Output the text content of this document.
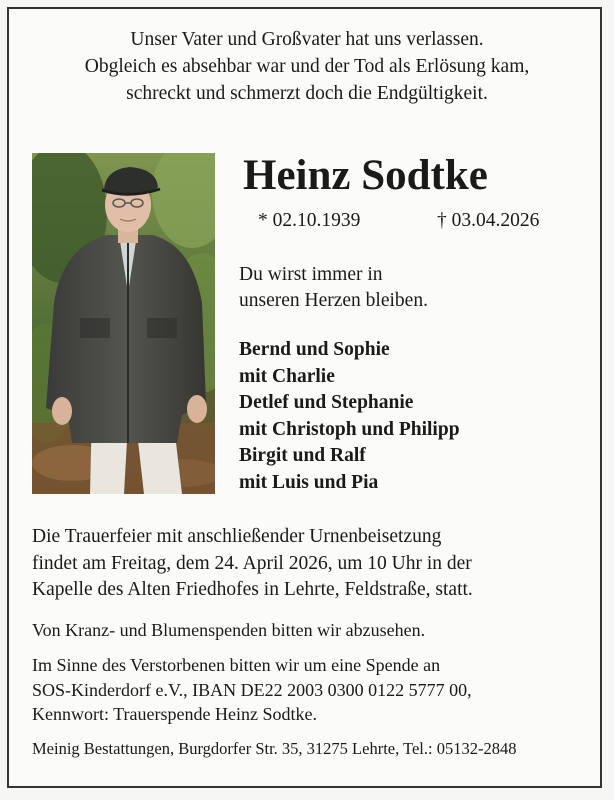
Unser Vater und Großvater hat uns verlassen.
Obgleich es absehbar war und der Tod als Erlösung kam,
schreckt und schmerzt doch die Endgültigkeit.
Heinz Sodtke
* 02.10.1939	† 03.04.2026
Du wirst immer in
unseren Herzen bleiben.
Bernd und Sophie
mit Charlie
Detlef und Stephanie
mit Christoph und Philipp
Birgit und Ralf
mit Luis und Pia
Die Trauerfeier mit anschließender Urnenbeisetzung
findet am Freitag, dem 24. April 2026, um 10 Uhr in der
Kapelle des Alten Friedhofes in Lehrte, Feldstraße, statt.
Von Kranz- und Blumenspenden bitten wir abzusehen.
Im Sinne des Verstorbenen bitten wir um eine Spende an
SOS-Kinderdorf e.V., IBAN DE22 2003 0300 0122 5777 00,
Kennwort: Trauerspende Heinz Sodtke.
Meinig Bestattungen, Burgdorfer Str. 35, 31275 Lehrte, Tel.: 05132-2848
